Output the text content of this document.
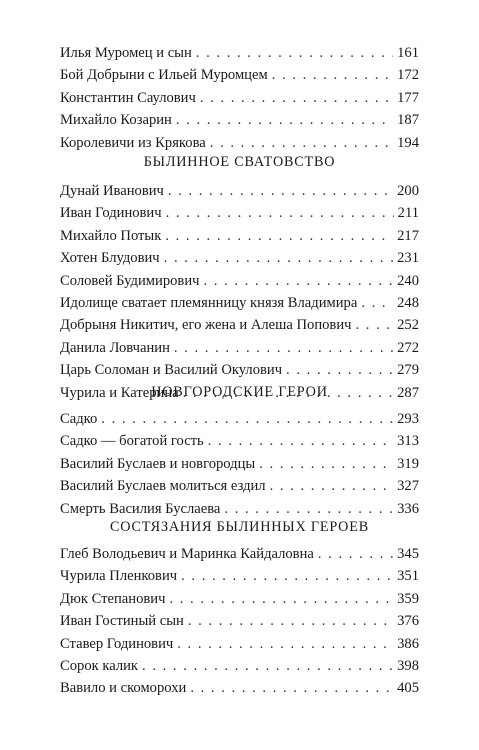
Илья Муромец и сын . . .	161
Бой Добрыни с Ильей Муромцем . . .	172
Константин Саулович . . .	177
Михайло Козарин . . .	187
Королевичи из Крякова . . .	194
БЫЛИННОЕ СВАТОВСТВО
Дунай Иванович . . .	200
Иван Годинович . . .	211
Михайло Потык . . .	217
Хотен Блудович . . .	231
Соловей Будимирович . . .	240
Идолище сватает племянницу князя Владимира . . .	248
Добрыня Никитич, его жена и Алеша Попович . . .	252
Данила Ловчанин . . .	272
Царь Соломан и Василий Окулович . . .	279
Чурила и Катерина . . .	287
НОВГОРОДСКИЕ ГЕРОИ
Садко . . .	293
Садко — богатой гость . . .	313
Василий Буслаев и новгородцы . . .	319
Василий Буслаев молиться ездил . . .	327
Смерть Василия Буслаева . . .	336
СОСТЯЗАНИЯ БЫЛИННЫХ ГЕРОЕВ
Глеб Володьевич и Маринка Кайдаловна . . .	345
Чурила Пленкович . . .	351
Дюк Степанович . . .	359
Иван Гостиный сын . . .	376
Ставер Годинович . . .	386
Сорок калик . . .	398
Вавило и скоморохи . . .	405
